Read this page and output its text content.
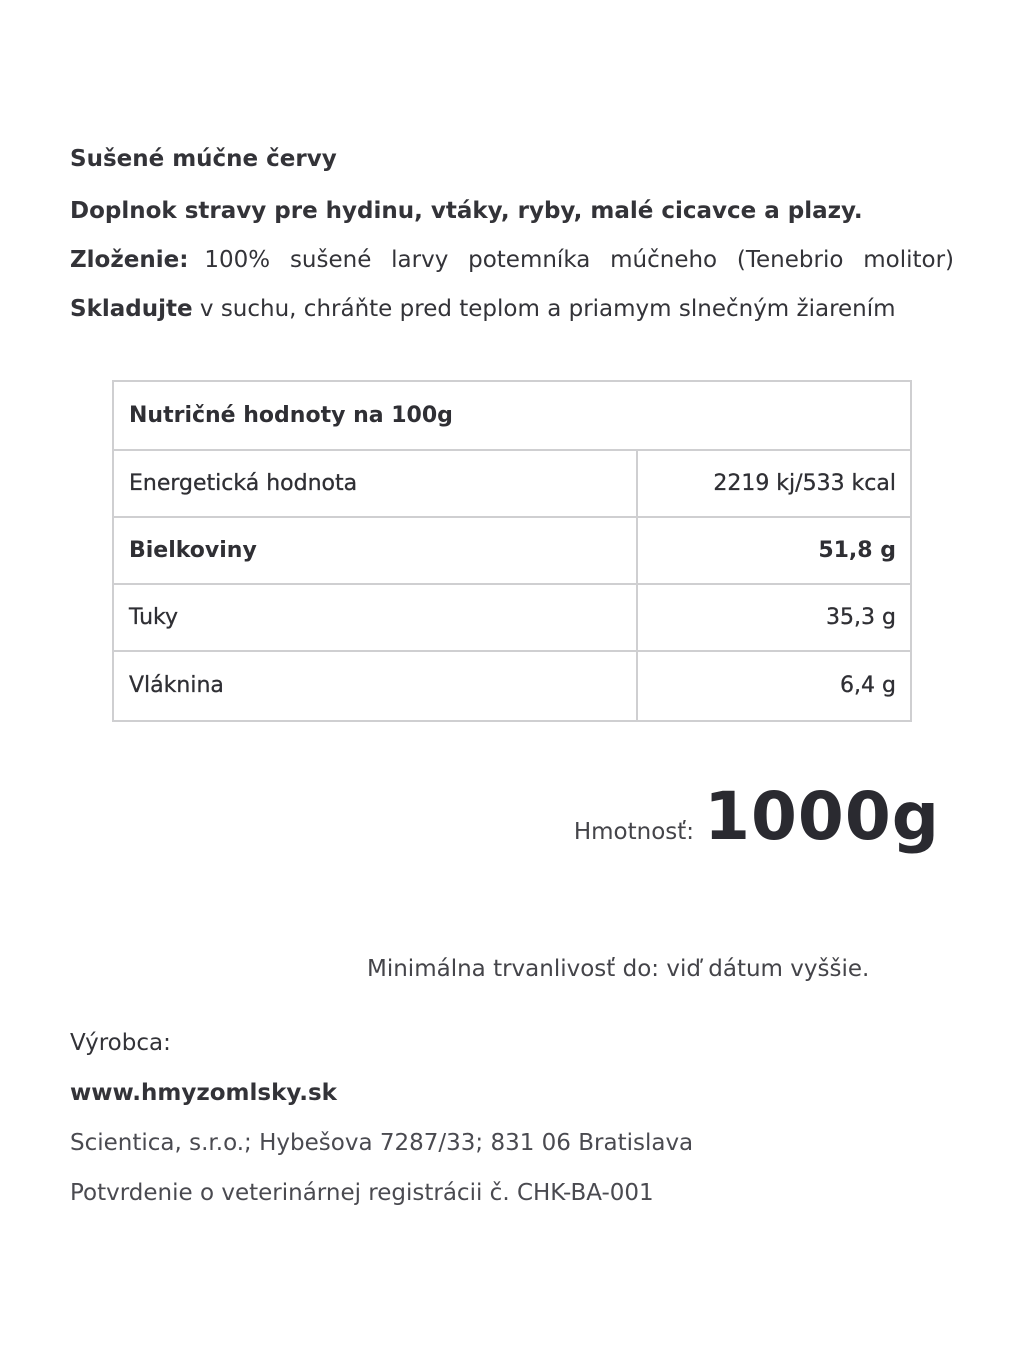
Sušené múčne červy
Doplnok stravy pre hydinu, vtáky, ryby, malé cicavce a plazy.
Zloženie: 100% sušené larvy potemníka múčneho (Tenebrio molitor)
Skladujte v suchu, chráňte pred teplom a priamym slnečným žiarením
Nutričné hodnoty na 100g
Energetická hodnota	2219 kj/533 kcal
Bielkoviny	51,8 g
Tuky	35,3 g
Vláknina	6,4 g
Hmotnosť: 1000g
Minimálna trvanlivosť do: viď dátum vyššie.
Výrobca:
www.hmyzomlsky.sk
Scientica, s.r.o.; Hybešova 7287/33; 831 06 Bratislava
Potvrdenie o veterinárnej registrácii č. CHK-BA-001
